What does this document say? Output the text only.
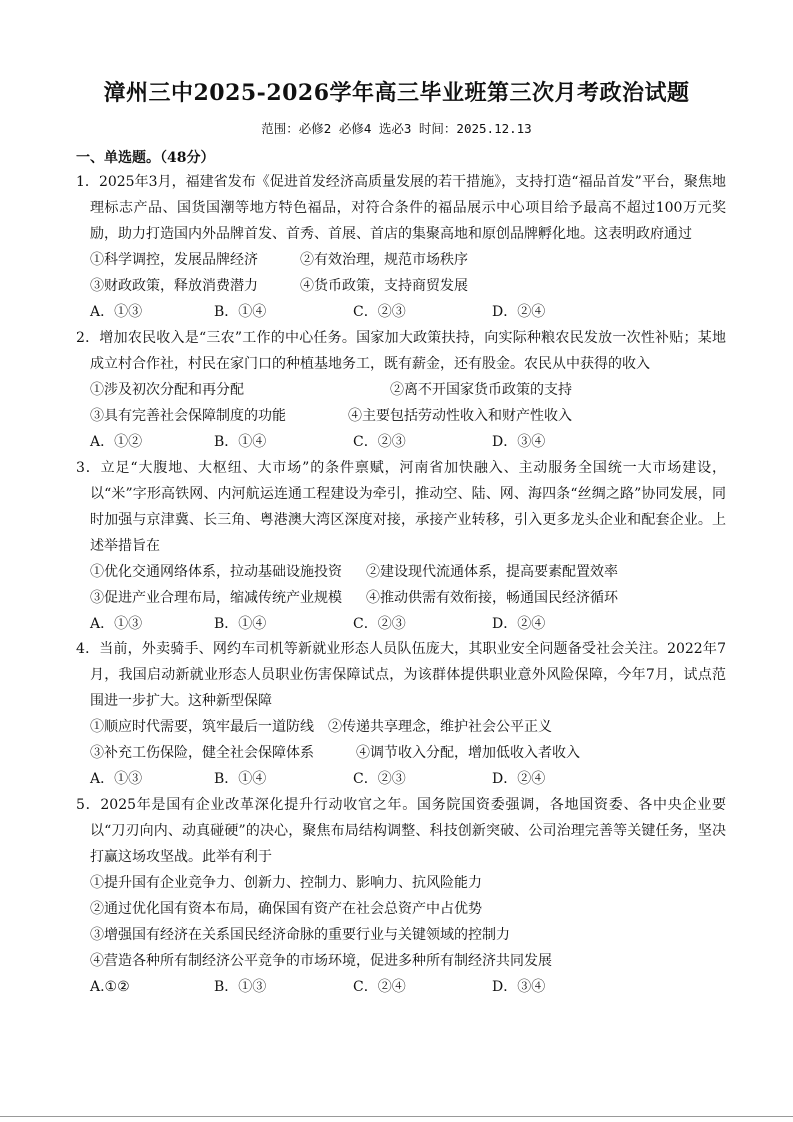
漳州三中2025-2026学年高三毕业班第三次月考政治试题
范围：必修2 必修4 选必3 时间：2025.12.13
一、单选题。（48分）
1．2025年3月，福建省发布《促进首发经济高质量发展的若干措施》，支持打造“福品首发”平台，聚焦地理标志产品、国货国潮等地方特色福品，对符合条件的福品展示中心项目给予最高不超过100万元奖励，助力打造国内外品牌首发、首秀、首展、首店的集聚高地和原创品牌孵化地。这表明政府通过
①科学调控，发展品牌经济	②有效治理，规范市场秩序
③财政政策，释放消费潜力	④货币政策，支持商贸发展
A．①③	B．①④	C．②③	D．②④
2．增加农民收入是“三农”工作的中心任务。国家加大政策扶持，向实际种粮农民发放一次性补贴；某地成立村合作社，村民在家门口的种植基地务工，既有薪金，还有股金。农民从中获得的收入
①涉及初次分配和再分配	②离不开国家货币政策的支持
③具有完善社会保障制度的功能	④主要包括劳动性收入和财产性收入
A．①②	B．①④	C．②③	D．③④
3．立足“大腹地、大枢纽、大市场”的条件禀赋，河南省加快融入、主动服务全国统一大市场建设，以“米”字形高铁网、内河航运连通工程建设为牵引，推动空、陆、网、海四条“丝绸之路”协同发展，同时加强与京津冀、长三角、粤港澳大湾区深度对接，承接产业转移，引入更多龙头企业和配套企业。上述举措旨在
①优化交通网络体系，拉动基础设施投资 ②建设现代流通体系，提高要素配置效率
③促进产业合理布局，缩减传统产业规模 ④推动供需有效衔接，畅通国民经济循环
A．①③	B．①④	C．②③	D．②④
4．当前，外卖骑手、网约车司机等新就业形态人员队伍庞大，其职业安全问题备受社会关注。2022年7月，我国启动新就业形态人员职业伤害保障试点，为该群体提供职业意外风险保障，今年7月，试点范围进一步扩大。这种新型保障
①顺应时代需要，筑牢最后一道防线 ②传递共享理念，维护社会公平正义
③补充工伤保险，健全社会保障体系	④调节收入分配，增加低收入者收入
A．①③	B．①④	C．②③	D．②④
5．2025年是国有企业改革深化提升行动收官之年。国务院国资委强调，各地国资委、各中央企业要以“刀刃向内、动真碰硬”的决心，聚焦布局结构调整、科技创新突破、公司治理完善等关键任务，坚决打赢这场攻坚战。此举有利于
①提升国有企业竞争力、创新力、控制力、影响力、抗风险能力
②通过优化国有资本布局，确保国有资产在社会总资产中占优势
③增强国有经济在关系国民经济命脉的重要行业与关键领域的控制力
④营造各种所有制经济公平竞争的市场环境，促进多种所有制经济共同发展
A.①②	B．①③	C．②④	D．③④
